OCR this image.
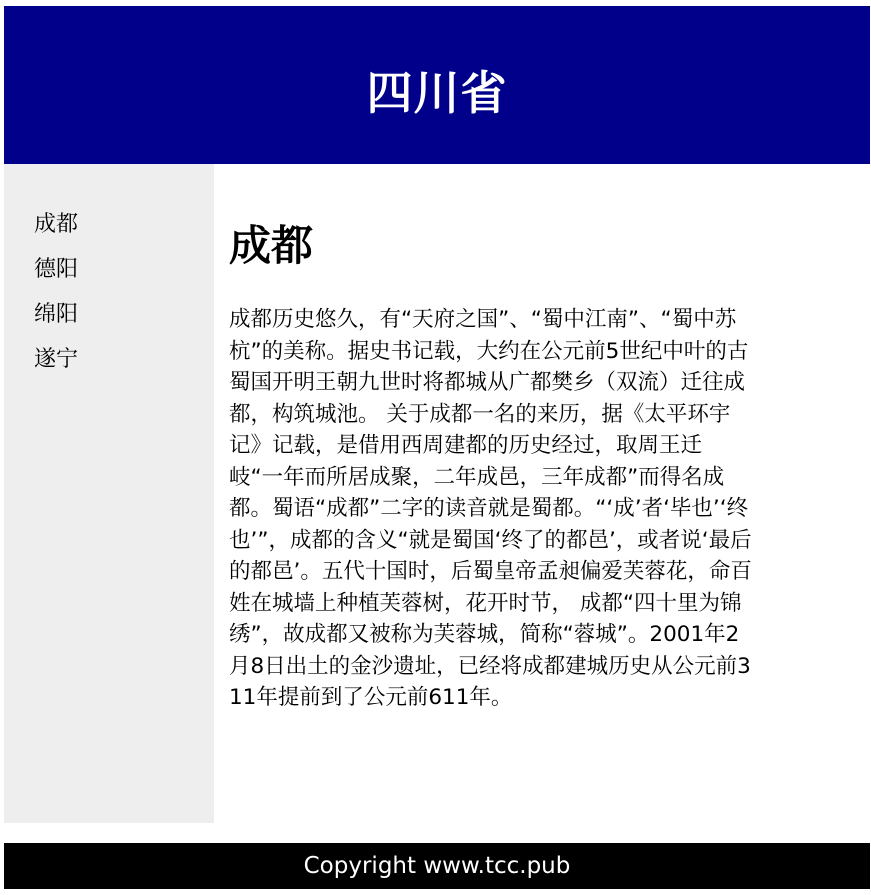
四川省
成都
德阳
绵阳
遂宁
成都

成都历史悠久，有“天府之国”、“蜀中江南”、“蜀中苏杭”的美称。据史书记载，大约在公元前5世纪中叶的古蜀国开明王朝九世时将都城从广都樊乡（双流）迁往成都，构筑城池。 关于成都一名的来历，据《太平环宇记》记载，是借用西周建都的历史经过，取周王迁岐“一年而所居成聚，二年成邑，三年成都”而得名成都。蜀语“成都”二字的读音就是蜀都。“‘成’者‘毕也’‘终也’”，成都的含义“就是蜀国‘终了的都邑’，或者说‘最后的都邑’。五代十国时，后蜀皇帝孟昶偏爱芙蓉花，命百姓在城墙上种植芙蓉树，花开时节， 成都“四十里为锦绣”，故成都又被称为芙蓉城，简称“蓉城”。2001年2月8日出土的金沙遗址，已经将成都建城历史从公元前311年提前到了公元前611年。

Copyright www.tcc.pub
